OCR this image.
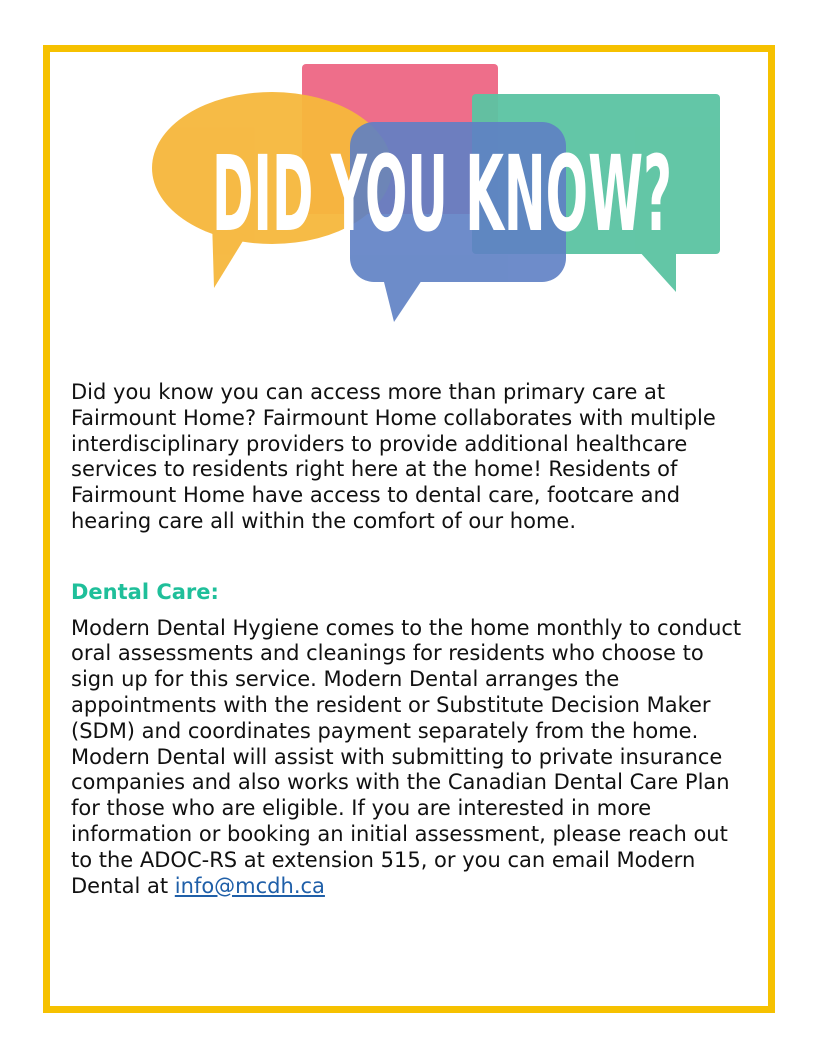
DID YOU KNOW?

Did you know you can access more than primary care at Fairmount Home? Fairmount Home collaborates with multiple interdisciplinary providers to provide additional healthcare services to residents right here at the home! Residents of Fairmount Home have access to dental care, footcare and hearing care all within the comfort of our home.

Dental Care:

Modern Dental Hygiene comes to the home monthly to conduct oral assessments and cleanings for residents who choose to sign up for this service. Modern Dental arranges the appointments with the resident or Substitute Decision Maker (SDM) and coordinates payment separately from the home. Modern Dental will assist with submitting to private insurance companies and also works with the Canadian Dental Care Plan for those who are eligible. If you are interested in more information or booking an initial assessment, please reach out to the ADOC-RS at extension 515, or you can email Modern Dental at info@mcdh.ca
